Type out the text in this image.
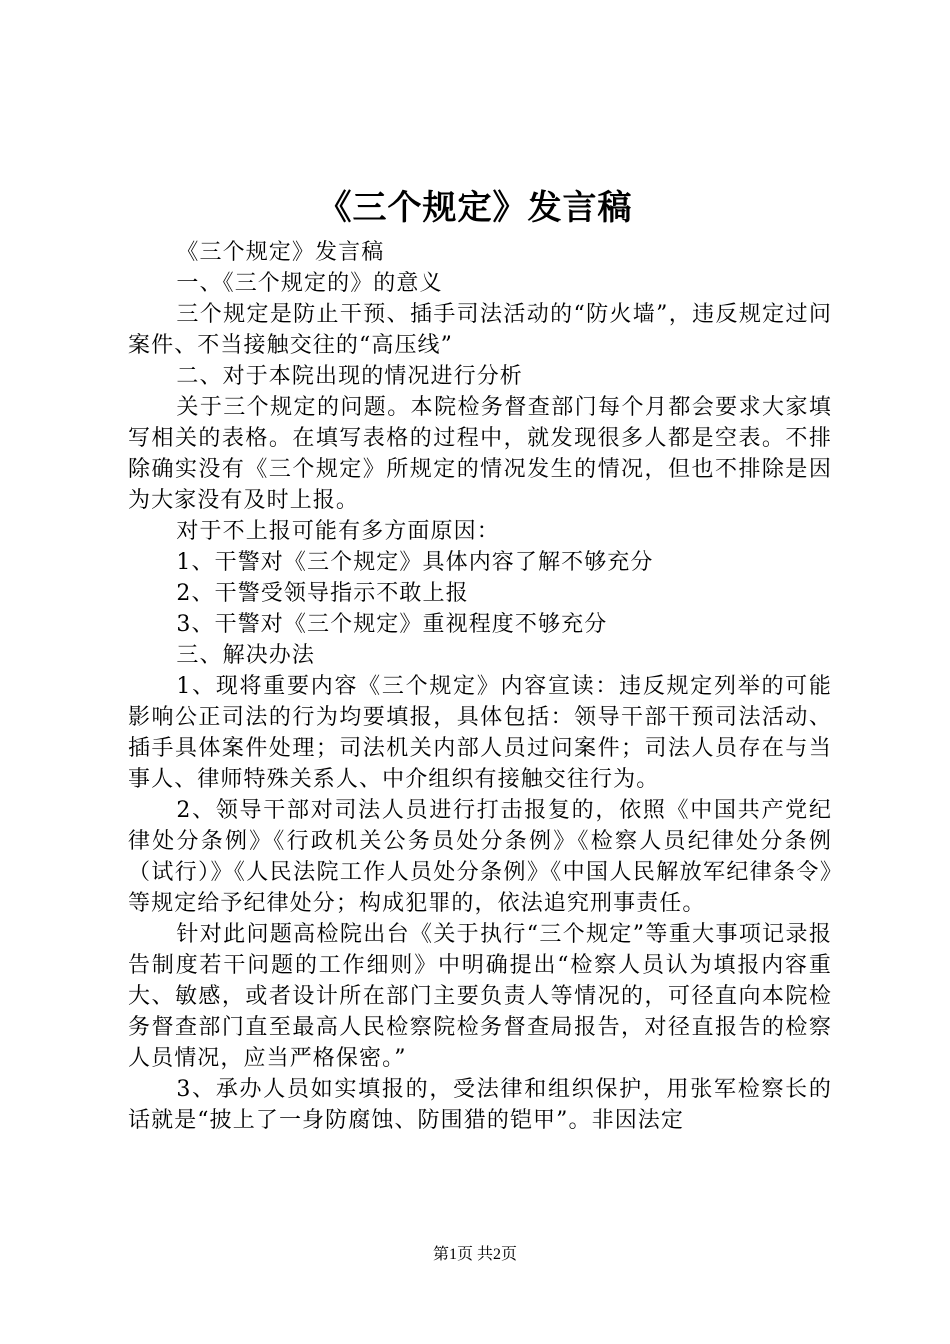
《三个规定》发言稿

《三个规定》发言稿

一、《三个规定的》的意义

三个规定是防止干预、插手司法活动的“防火墙”，违反规定过问案件、不当接触交往的“高压线”

二、对于本院出现的情况进行分析

关于三个规定的问题。本院检务督查部门每个月都会要求大家填写相关的表格。在填写表格的过程中，就发现很多人都是空表。不排除确实没有《三个规定》所规定的情况发生的情况，但也不排除是因为大家没有及时上报。

对于不上报可能有多方面原因：

1、干警对《三个规定》具体内容了解不够充分

2、干警受领导指示不敢上报

3、干警对《三个规定》重视程度不够充分

三、解决办法

1、现将重要内容《三个规定》内容宣读：违反规定列举的可能影响公正司法的行为均要填报，具体包括：领导干部干预司法活动、插手具体案件处理；司法机关内部人员过问案件；司法人员存在与当事人、律师特殊关系人、中介组织有接触交往行为。

2、领导干部对司法人员进行打击报复的，依照《中国共产党纪律处分条例》《行政机关公务员处分条例》《检察人员纪律处分条例（试行）》《人民法院工作人员处分条例》《中国人民解放军纪律条令》等规定给予纪律处分；构成犯罪的，依法追究刑事责任。

针对此问题高检院出台《关于执行“三个规定”等重大事项记录报告制度若干问题的工作细则》中明确提出“检察人员认为填报内容重大、敏感，或者设计所在部门主要负责人等情况的，可径直向本院检务督查部门直至最高人民检察院检务督查局报告，对径直报告的检察人员情况，应当严格保密。”

3、承办人员如实填报的，受法律和组织保护，用张军检察长的话就是“披上了一身防腐蚀、防围猎的铠甲”。非因法定

第1页 共2页
